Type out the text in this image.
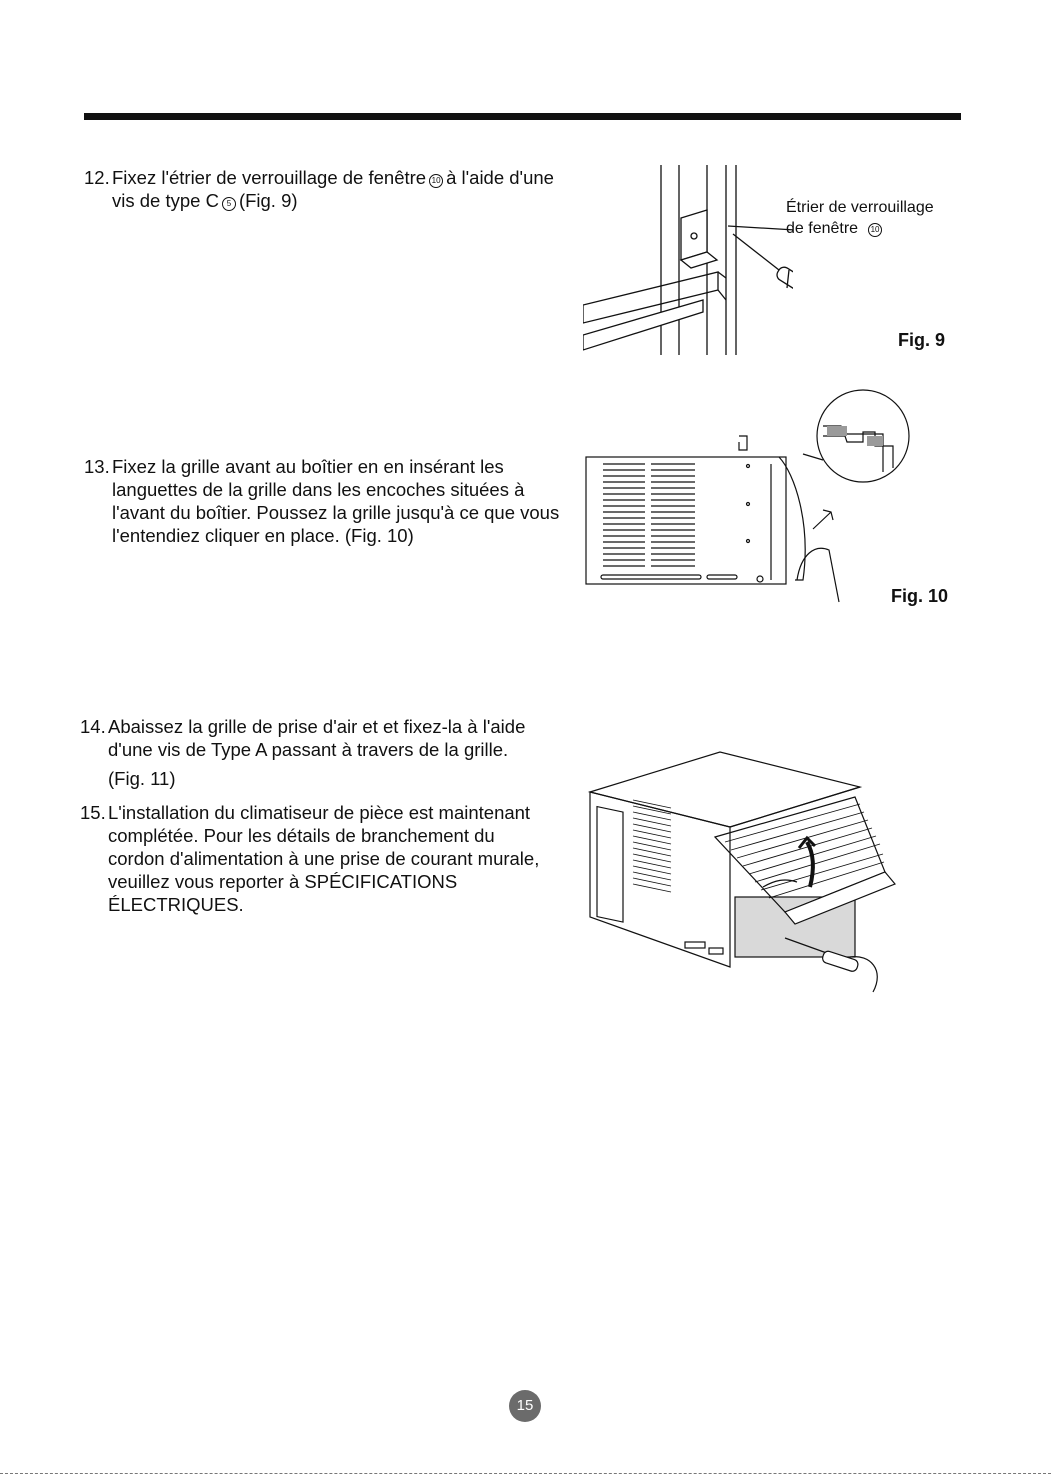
12. Fixez l'étrier de verrouillage de fenêtre 10 à l'aide d'une
vis de type C 5 (Fig. 9)
13. Fixez la grille avant au boîtier en en insérant les
languettes de la grille dans les encoches situées à
l'avant du boîtier. Poussez la grille jusqu'à ce que vous
l'entendiez cliquer en place. (Fig. 10)
14. Abaissez la grille de prise d'air et et fixez-la à l'aide
d'une vis de Type A passant à travers de la grille.
(Fig. 11)
15. L'installation du climatiseur de pièce est maintenant
complétée. Pour les détails de branchement du
cordon d'alimentation à une prise de courant murale,
veuillez vous reporter à SPÉCIFICATIONS
ÉLECTRIQUES.
Étrier de verrouillage
de fenêtre 10
Fig. 9
Fig. 10
15
